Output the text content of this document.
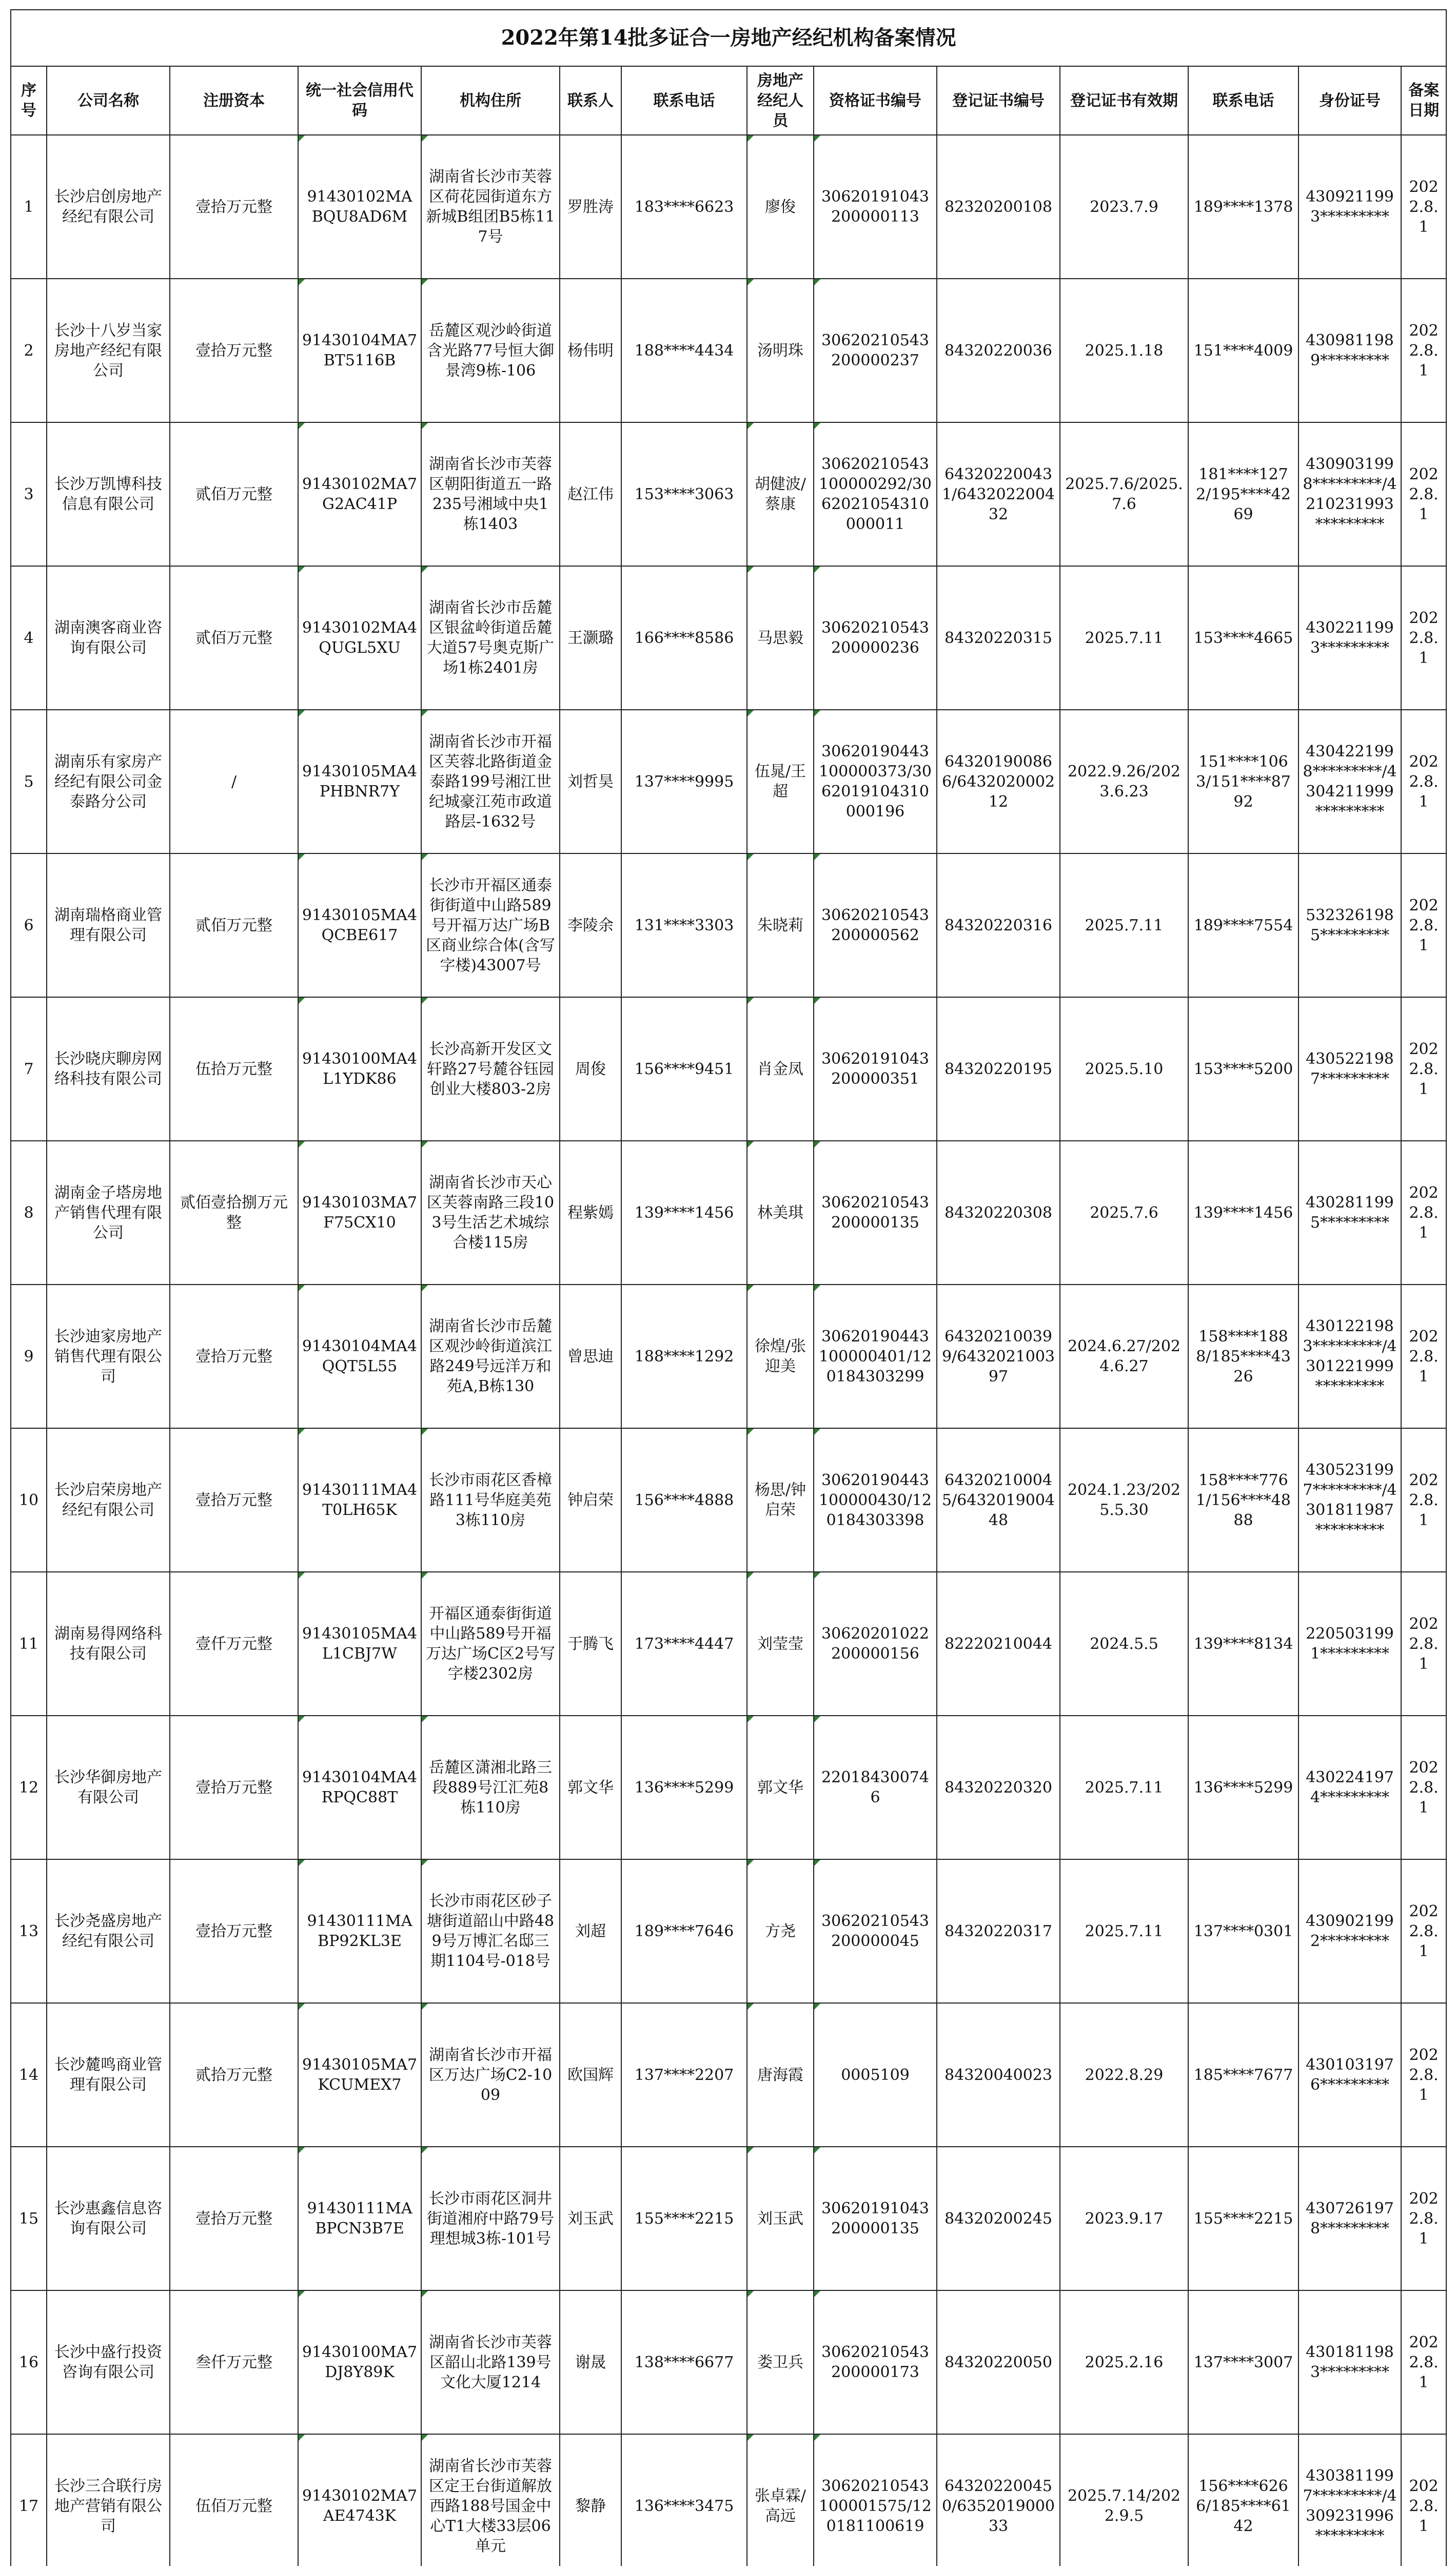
2022年第14批多证合一房地产经纪机构备案情况													
序号	公司名称	注册资本	统一社会信用代码	机构住所	联系人	联系电话	房地产经纪人员	资格证书编号	登记证书编号	登记证书有效期	联系电话	身份证号	备案日期
1	长沙启创房地产经纪有限公司	壹拾万元整	91430102MABQU8AD6M	湖南省长沙市芙蓉区荷花园街道东方新城B组团B5栋117号	罗胜涛	183****6623	廖俊	30620191043200000113	82320200108	2023.7.9	189****1378	4309211993*********	2022.8.1
2	长沙十八岁当家房地产经纪有限公司	壹拾万元整	91430104MA7BT5116B	岳麓区观沙岭街道含光路77号恒大御景湾9栋-106	杨伟明	188****4434	汤明珠	30620210543200000237	84320220036	2025.1.18	151****4009	4309811989*********	2022.8.1
3	长沙万凯博科技信息有限公司	贰佰万元整	91430102MA7G2AC41P	湖南省长沙市芙蓉区朝阳街道五一路235号湘域中央1栋1403	赵江伟	153****3063	胡健波/蔡康	30620210543100000292/3062021054310000011	643202200431/643202200432	2025.7.6/2025.7.6	181****1272/195****4269	4309031998*********/4210231993*********	2022.8.1
4	湖南澳客商业咨询有限公司	贰佰万元整	91430102MA4QUGL5XU	湖南省长沙市岳麓区银盆岭街道岳麓大道57号奥克斯广场1栋2401房	王灏璐	166****8586	马思毅	30620210543200000236	84320220315	2025.7.11	153****4665	4302211993*********	2022.8.1
5	湖南乐有家房产经纪有限公司金泰路分公司	/	91430105MA4PHBNR7Y	湖南省长沙市开福区芙蓉北路街道金泰路199号湘江世纪城豪江苑市政道路层-1632号	刘哲昊	137****9995	伍晁/王超	30620190443100000373/3062019104310000196	643201900866/643202000212	2022.9.26/2023.6.23	151****1063/151****8792	4304221998*********/4304211999*********	2022.8.1
6	湖南瑞格商业管理有限公司	贰佰万元整	91430105MA4QCBE617	长沙市开福区通泰街街道中山路589号开福万达广场B区商业综合体(含写字楼)43007号	李陵余	131****3303	朱晓莉	30620210543200000562	84320220316	2025.7.11	189****7554	5323261985*********	2022.8.1
7	长沙晓庆聊房网络科技有限公司	伍拾万元整	91430100MA4L1YDK86	长沙高新开发区文轩路27号麓谷钰园创业大楼803-2房	周俊	156****9451	肖金凤	30620191043200000351	84320220195	2025.5.10	153****5200	4305221987*********	2022.8.1
8	湖南金子塔房地产销售代理有限公司	贰佰壹拾捌万元整	91430103MA7F75CX10	湖南省长沙市天心区芙蓉南路三段103号生活艺术城综合楼115房	程紫嫣	139****1456	林美琪	30620210543200000135	84320220308	2025.7.6	139****1456	4302811995*********	2022.8.1
9	长沙迪家房地产销售代理有限公司	壹拾万元整	91430104MA4QQT5L55	湖南省长沙市岳麓区观沙岭街道滨江路249号远洋万和苑A,B栋130	曾思迪	188****1292	徐煌/张迎美	30620190443100000401/120184303299	643202100399/643202100397	2024.6.27/2024.6.27	158****1888/185****4326	4301221983*********/4301221999*********	2022.8.1
10	长沙启荣房地产经纪有限公司	壹拾万元整	91430111MA4T0LH65K	长沙市雨花区香樟路111号华庭美苑3栋110房	钟启荣	156****4888	杨思/钟启荣	30620190443100000430/120184303398	643202100045/643201900448	2024.1.23/2025.5.30	158****7761/156****4888	4305231997*********/4301811987*********	2022.8.1
11	湖南易得网络科技有限公司	壹仟万元整	91430105MA4L1CBJ7W	开福区通泰街街道中山路589号开福万达广场C区2号写字楼2302房	于腾飞	173****4447	刘莹莹	30620201022200000156	82220210044	2024.5.5	139****8134	2205031991*********	2022.8.1
12	长沙华御房地产有限公司	壹拾万元整	91430104MA4RPQC88T	岳麓区潇湘北路三段889号江汇苑8栋110房	郭文华	136****5299	郭文华	220184300746	84320220320	2025.7.11	136****5299	4302241974*********	2022.8.1
13	长沙尧盛房地产经纪有限公司	壹拾万元整	91430111MABP92KL3E	长沙市雨花区砂子塘街道韶山中路489号万博汇名邸三期1104号-018号	刘超	189****7646	方尧	30620210543200000045	84320220317	2025.7.11	137****0301	4309021992*********	2022.8.1
14	长沙麓鸣商业管理有限公司	贰拾万元整	91430105MA7KCUMEX7	湖南省长沙市开福区万达广场C2-1009	欧国辉	137****2207	唐海霞	0005109	84320040023	2022.8.29	185****7677	4301031976*********	2022.8.1
15	长沙惠鑫信息咨询有限公司	壹拾万元整	91430111MABPCN3B7E	长沙市雨花区洞井街道湘府中路79号理想城3栋-101号	刘玉武	155****2215	刘玉武	30620191043200000135	84320200245	2023.9.17	155****2215	4307261978*********	2022.8.1
16	长沙中盛行投资咨询有限公司	叁仟万元整	91430100MA7DJ8Y89K	湖南省长沙市芙蓉区韶山北路139号文化大厦1214	谢晟	138****6677	娄卫兵	30620210543200000173	84320220050	2025.2.16	137****3007	4301811983*********	2022.8.1
17	长沙三合联行房地产营销有限公司	伍佰万元整	91430102MA7AE4743K	湖南省长沙市芙蓉区定王台街道解放西路188号国金中心T1大楼33层06单元	黎静	136****3475	张卓霖/高远	30620210543100001575/120181100619	643202200450/635201900033	2025.7.14/2022.9.5	156****6266/185****6142	4303811997*********/4309231996*********	2022.8.1
